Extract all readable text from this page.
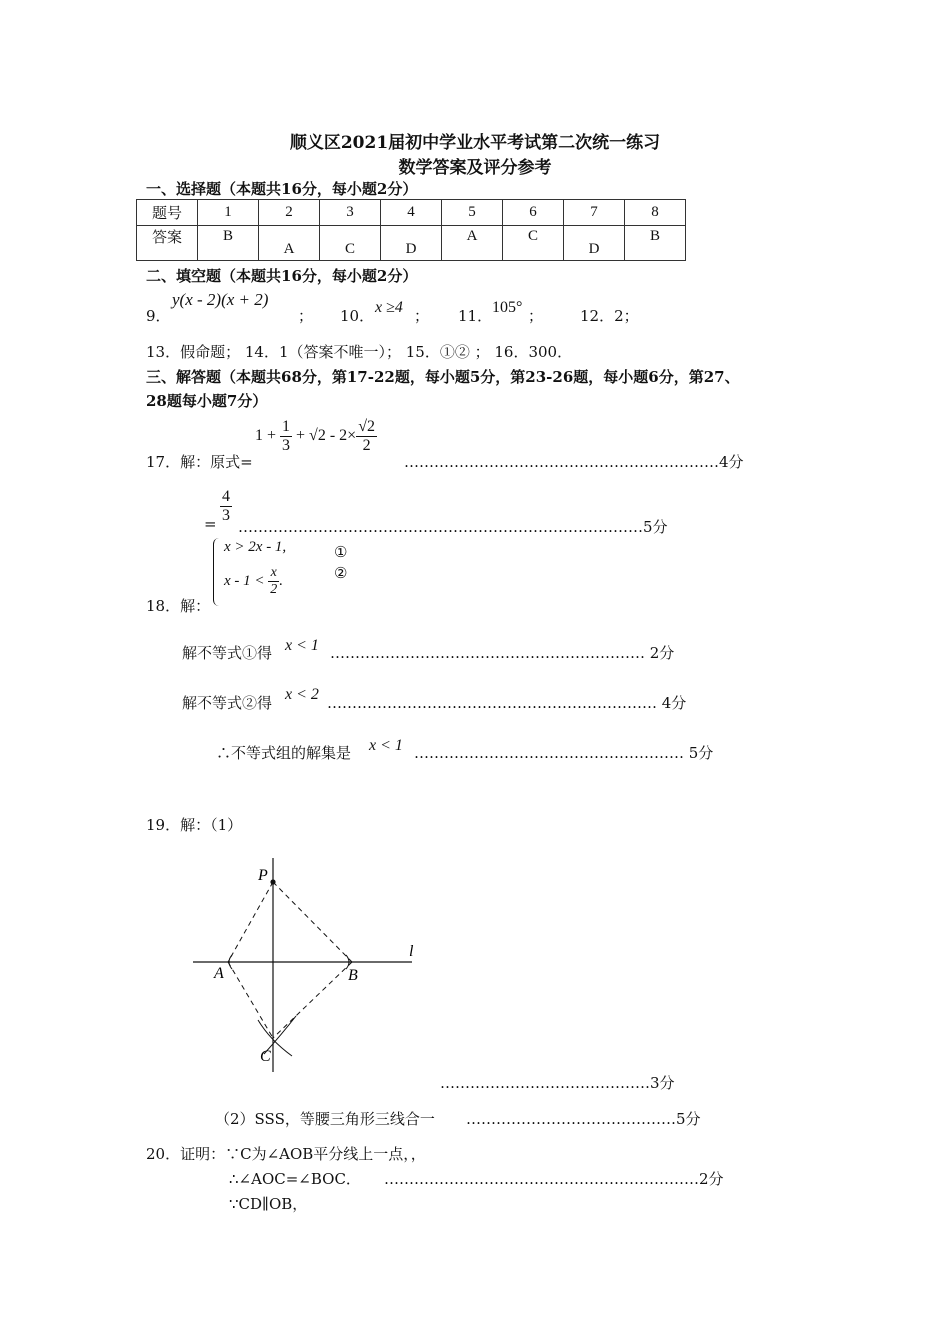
顺义区2021届初中学业水平考试第二次统一练习
数学答案及评分参考
一、选择题（本题共16分，每小题2分）
题号	1	2	3	4	5	6	7	8
答案	B	A	C	D	A	C	D	B
二、填空题（本题共16分，每小题2分）
9．
y(x - 2)(x + 2)
； 10． x ≥4 ； 11． 105° ； 12．2；
13．假命题； 14．1（答案不唯一）； 15．①② ； 16．300．
三、解答题（本题共68分，第17-22题，每小题5分，第23-26题，每小题6分，第27、
28题每小题7分）
17．解：原式=
$1 + \frac{1}{3} + √2 - 2\times \frac{√2}{2}$
………………………………………………………4分
= $\frac{4}{3}$
………………………………………………………………………5分
x > 2x - 1,
$x - 1 < \frac{x}{2}$ .
①
②
18．解：
解不等式①得 x < 1 ……………………………………………………… 2分
解不等式②得 x < 2 ………………………………………………………… 4分
∴不等式组的解集是 x < 1 ……………………………………………… 5分
19．解：（1）
P
l
A	B
C
……………………………………3分
（2）SSS，等腰三角形三线合一 ……………………………………5分
20．证明：∵C为∠AOB平分线上一点，，
∴∠AOC=∠BOC． ………………………………………………………2分
∵CD∥OB，
